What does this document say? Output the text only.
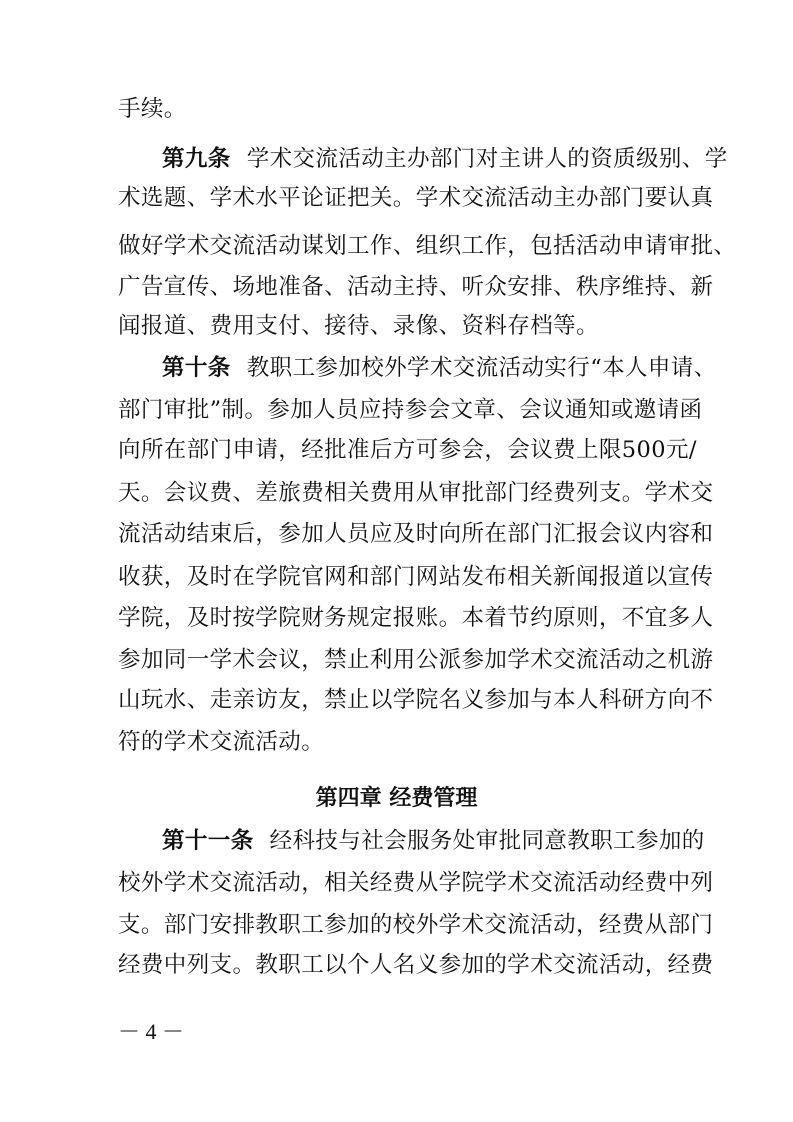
手续。
第九条 学术交流活动主办部门对主讲人的资质级别、学
术选题、学术水平论证把关。学术交流活动主办部门要认真
做好学术交流活动谋划工作、组织工作，包括活动申请审批、
广告宣传、场地准备、活动主持、听众安排、秩序维持、新
闻报道、费用支付、接待、录像、资料存档等。
第十条 教职工参加校外学术交流活动实行“本人申请、
部门审批”制。参加人员应持参会文章、会议通知或邀请函
向所在部门申请，经批准后方可参会，会议费上限500元/
天。会议费、差旅费相关费用从审批部门经费列支。学术交
流活动结束后，参加人员应及时向所在部门汇报会议内容和
收获，及时在学院官网和部门网站发布相关新闻报道以宣传
学院，及时按学院财务规定报账。本着节约原则，不宜多人
参加同一学术会议，禁止利用公派参加学术交流活动之机游
山玩水、走亲访友，禁止以学院名义参加与本人科研方向不
符的学术交流活动。
第四章 经费管理
第十一条 经科技与社会服务处审批同意教职工参加的
校外学术交流活动，相关经费从学院学术交流活动经费中列
支。部门安排教职工参加的校外学术交流活动，经费从部门
经费中列支。教职工以个人名义参加的学术交流活动，经费
－ 4 －
